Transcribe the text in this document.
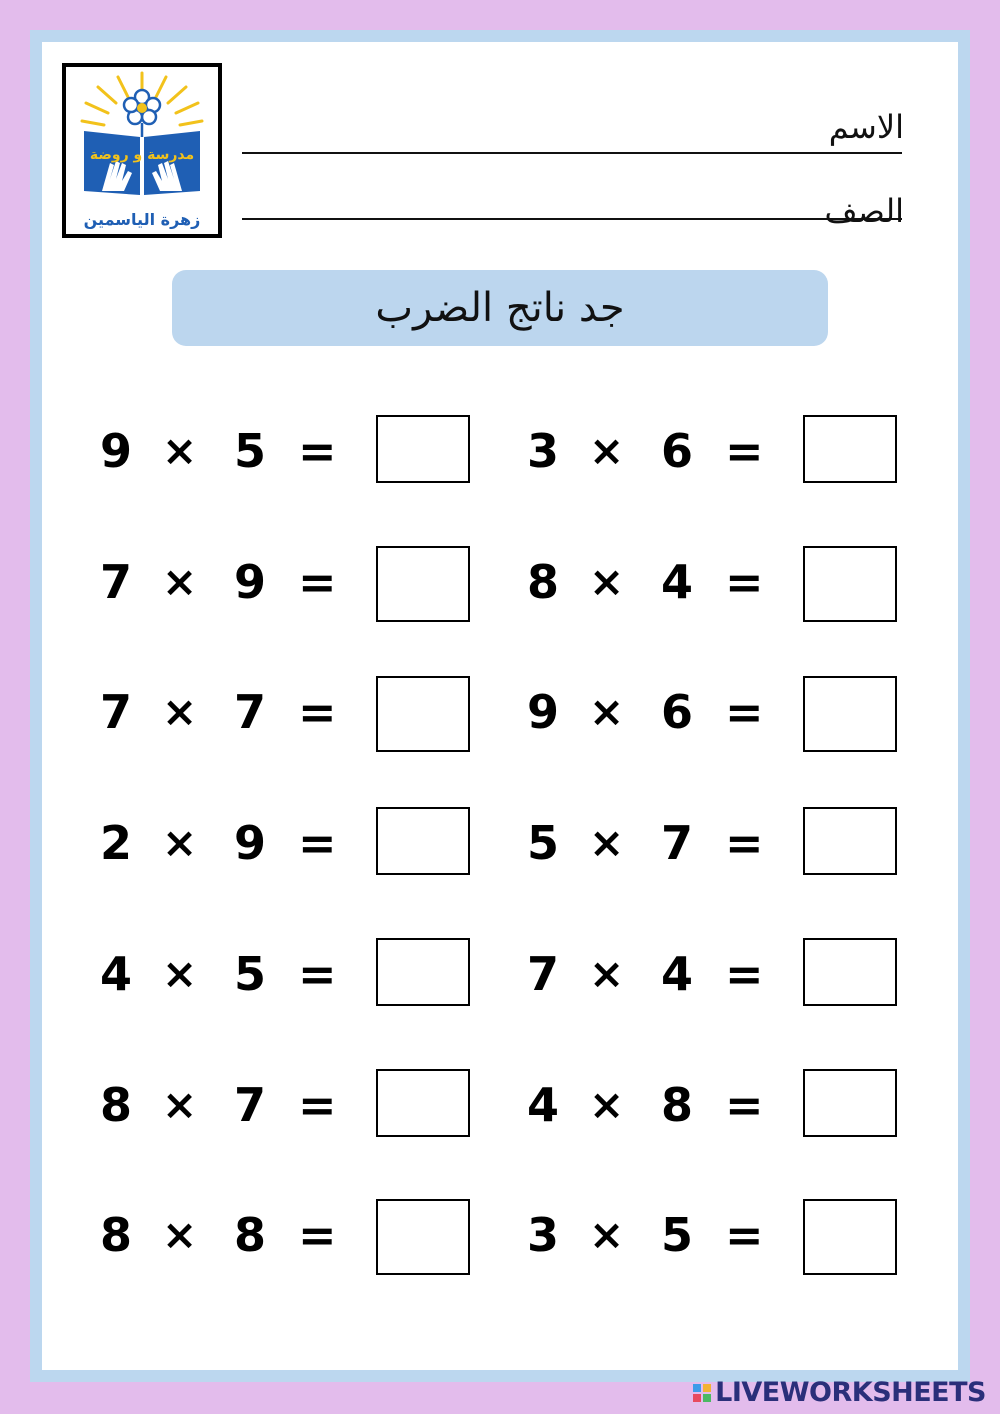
مدرسة و روضة
زهرة الياسمين
الاسم
الصف
جد ناتج الضرب
9 × 5 =	3 × 6 =
7 × 9 =	8 × 4 =
7 × 7 =	9 × 6 =
2 × 9 =	5 × 7 =
4 × 5 =	7 × 4 =
8 × 7 =	4 × 8 =
8 × 8 =	3 × 5 =
LIVEWORKSHEETS
